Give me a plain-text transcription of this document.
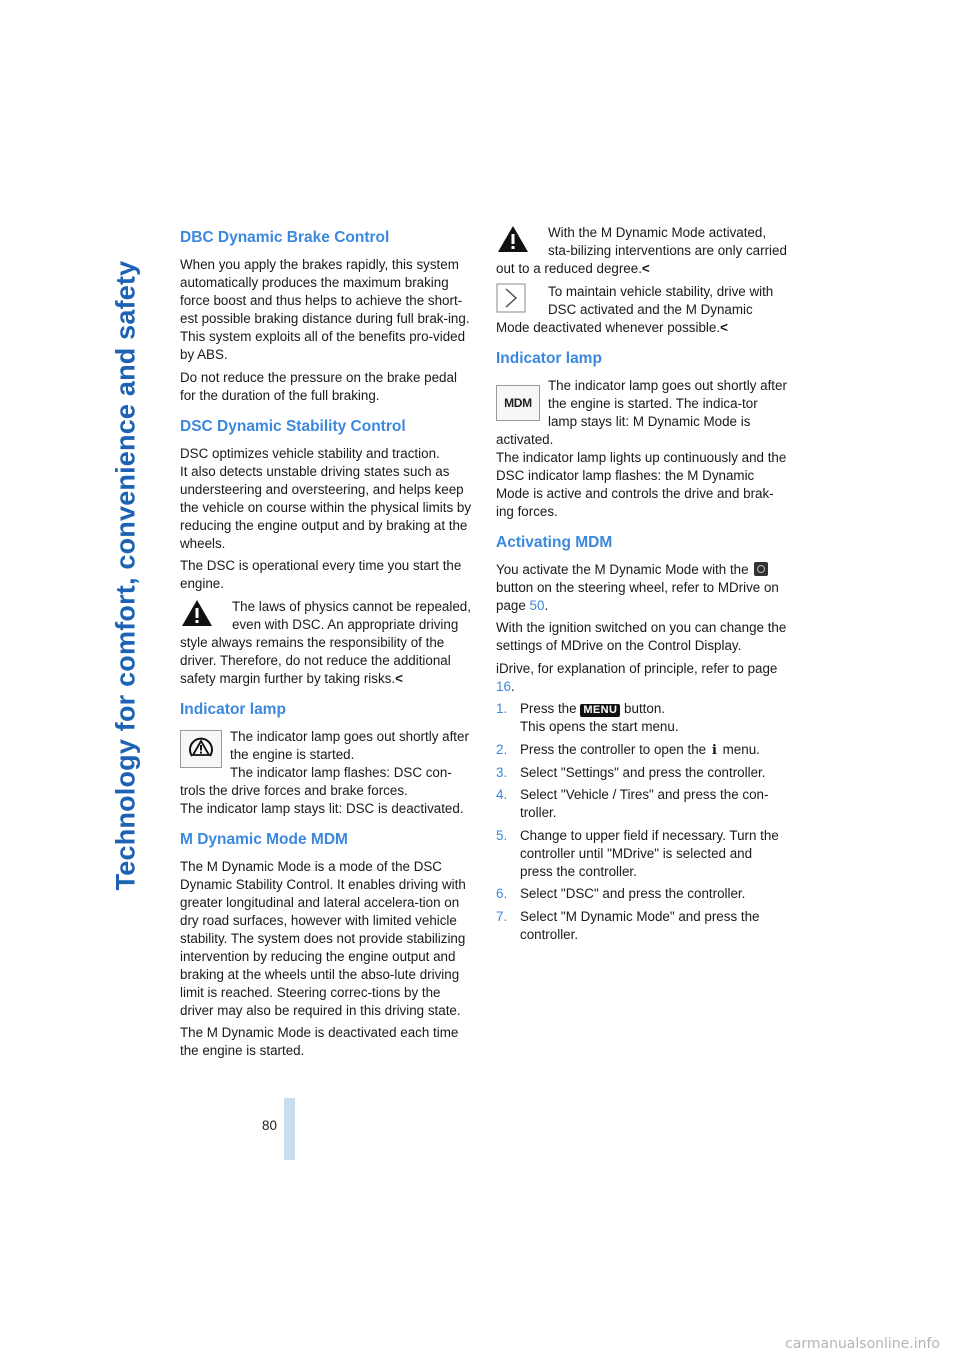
Technology for comfort, convenience and safety
DBC Dynamic Brake Control

When you apply the brakes rapidly, this system automatically produces the maximum braking force boost and thus helps to achieve the short-est possible braking distance during full brak-ing. This system exploits all of the benefits pro-vided by ABS.

Do not reduce the pressure on the brake pedal for the duration of the full braking.

DSC Dynamic Stability Control

DSC optimizes vehicle stability and traction.

It also detects unstable driving states such as understeering and oversteering, and helps keep the vehicle on course within the physical limits by reducing the engine output and by braking at the wheels.

The DSC is operational every time you start the engine.

The laws of physics cannot be repealed, even with DSC. An appropriate driving style always remains the responsibility of the driver. Therefore, do not reduce the additional safety margin further by taking risks.<
Indicator lamp

The indicator lamp goes out shortly after the engine is started.

The indicator lamp flashes: DSC con-trols the drive forces and brake forces.

The indicator lamp stays lit: DSC is deactivated.

M Dynamic Mode MDM

The M Dynamic Mode is a mode of the DSC Dynamic Stability Control. It enables driving with greater longitudinal and lateral accelera-tion on dry road surfaces, however with limited vehicle stability. The system does not provide stabilizing intervention by reducing the engine output and braking at the wheels until the abso-lute driving limit is reached. Steering correc-tions by the driver may also be required in this driving state.

The M Dynamic Mode is deactivated each time the engine is started.

With the M Dynamic Mode activated, sta-bilizing interventions are only carried out to a reduced degree.<
To maintain vehicle stability, drive with DSC activated and the M Dynamic Mode deactivated whenever possible.<
Indicator lamp
MDM

The indicator lamp goes out shortly after the engine is started. The indica-tor lamp stays lit: M Dynamic Mode is activated.

The indicator lamp lights up continuously and the DSC indicator lamp flashes: the M Dynamic Mode is active and controls the drive and brak-ing forces.

Activating MDM

You activate the M Dynamic Mode with the  button on the steering wheel, refer to MDrive on page 50.

With the ignition switched on you can change the settings of MDrive on the Control Display.

iDrive, for explanation of principle, refer to page 16.

1. Press the MENU button.
This opens the start menu.
2. Press the controller to open the i menu.
3. Select "Settings" and press the controller.
4. Select "Vehicle / Tires" and press the con-troller.
5. Change to upper field if necessary. Turn the controller until "MDrive" is selected and press the controller.
6. Select "DSC" and press the controller.
7. Select "M Dynamic Mode" and press the controller.
80
carmanualsonline.info
